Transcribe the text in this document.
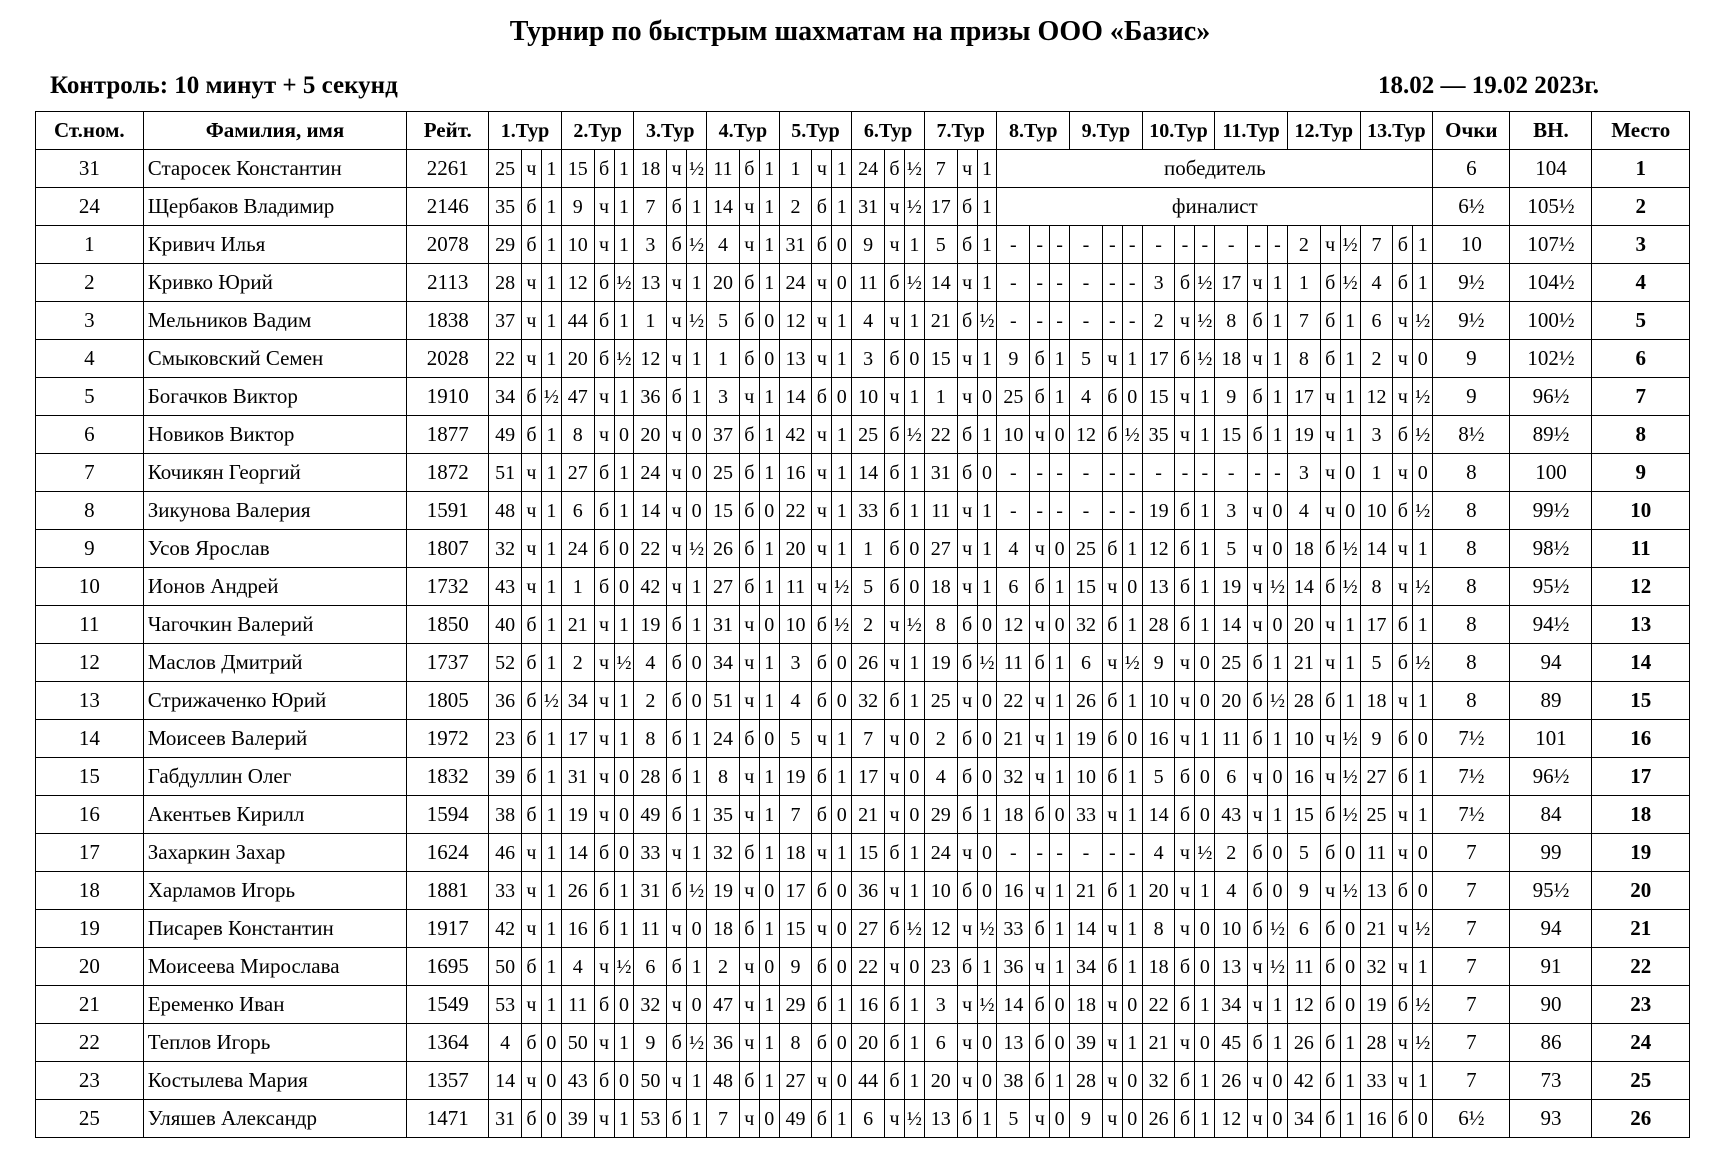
Турнир по быстрым шахматам на призы ООО «Базис»
Контроль: 10 минут + 5 секунд	18.02 — 19.02 2023г.
Ст.ном.	Фамилия, имя	Рейт.	1.Тур			2.Тур			3.Тур			4.Тур			5.Тур			6.Тур			7.Тур			8.Тур			9.Тур			10.Тур			11.Тур			12.Тур			13.Тур			Очки	ВН.	Место
31	Старосек Константин	2261	25	ч	1	15	б	1	18	ч	½	11	б	1	1	ч	1	24	б	½	7	ч	1	победитель																		6	104	1
24	Щербаков Владимир	2146	35	б	1	9	ч	1	7	б	1	14	ч	1	2	б	1	31	ч	½	17	б	1	финалист																		6½	105½	2
1	Кривич Илья	2078	29	б	1	10	ч	1	3	б	½	4	ч	1	31	б	0	9	ч	1	5	б	1	-	-	-	-	-	-	-	-	-	-	-	-	2	ч	½	7	б	1	10	107½	3
2	Кривко Юрий	2113	28	ч	1	12	б	½	13	ч	1	20	б	1	24	ч	0	11	б	½	14	ч	1	-	-	-	-	-	-	3	б	½	17	ч	1	1	б	½	4	б	1	9½	104½	4
3	Мельников Вадим	1838	37	ч	1	44	б	1	1	ч	½	5	б	0	12	ч	1	4	ч	1	21	б	½	-	-	-	-	-	-	2	ч	½	8	б	1	7	б	1	6	ч	½	9½	100½	5
4	Смыковский Семен	2028	22	ч	1	20	б	½	12	ч	1	1	б	0	13	ч	1	3	б	0	15	ч	1	9	б	1	5	ч	1	17	б	½	18	ч	1	8	б	1	2	ч	0	9	102½	6
5	Богачков Виктор	1910	34	б	½	47	ч	1	36	б	1	3	ч	1	14	б	0	10	ч	1	1	ч	0	25	б	1	4	б	0	15	ч	1	9	б	1	17	ч	1	12	ч	½	9	96½	7
6	Новиков Виктор	1877	49	б	1	8	ч	0	20	ч	0	37	б	1	42	ч	1	25	б	½	22	б	1	10	ч	0	12	б	½	35	ч	1	15	б	1	19	ч	1	3	б	½	8½	89½	8
7	Кочикян Георгий	1872	51	ч	1	27	б	1	24	ч	0	25	б	1	16	ч	1	14	б	1	31	б	0	-	-	-	-	-	-	-	-	-	-	-	-	3	ч	0	1	ч	0	8	100	9
8	Зикунова Валерия	1591	48	ч	1	6	б	1	14	ч	0	15	б	0	22	ч	1	33	б	1	11	ч	1	-	-	-	-	-	-	19	б	1	3	ч	0	4	ч	0	10	б	½	8	99½	10
9	Усов Ярослав	1807	32	ч	1	24	б	0	22	ч	½	26	б	1	20	ч	1	1	б	0	27	ч	1	4	ч	0	25	б	1	12	б	1	5	ч	0	18	б	½	14	ч	1	8	98½	11
10	Ионов Андрей	1732	43	ч	1	1	б	0	42	ч	1	27	б	1	11	ч	½	5	б	0	18	ч	1	6	б	1	15	ч	0	13	б	1	19	ч	½	14	б	½	8	ч	½	8	95½	12
11	Чагочкин Валерий	1850	40	б	1	21	ч	1	19	б	1	31	ч	0	10	б	½	2	ч	½	8	б	0	12	ч	0	32	б	1	28	б	1	14	ч	0	20	ч	1	17	б	1	8	94½	13
12	Маслов Дмитрий	1737	52	б	1	2	ч	½	4	б	0	34	ч	1	3	б	0	26	ч	1	19	б	½	11	б	1	6	ч	½	9	ч	0	25	б	1	21	ч	1	5	б	½	8	94	14
13	Стрижаченко Юрий	1805	36	б	½	34	ч	1	2	б	0	51	ч	1	4	б	0	32	б	1	25	ч	0	22	ч	1	26	б	1	10	ч	0	20	б	½	28	б	1	18	ч	1	8	89	15
14	Моисеев Валерий	1972	23	б	1	17	ч	1	8	б	1	24	б	0	5	ч	1	7	ч	0	2	б	0	21	ч	1	19	б	0	16	ч	1	11	б	1	10	ч	½	9	б	0	7½	101	16
15	Габдуллин Олег	1832	39	б	1	31	ч	0	28	б	1	8	ч	1	19	б	1	17	ч	0	4	б	0	32	ч	1	10	б	1	5	б	0	6	ч	0	16	ч	½	27	б	1	7½	96½	17
16	Акентьев Кирилл	1594	38	б	1	19	ч	0	49	б	1	35	ч	1	7	б	0	21	ч	0	29	б	1	18	б	0	33	ч	1	14	б	0	43	ч	1	15	б	½	25	ч	1	7½	84	18
17	Захаркин Захар	1624	46	ч	1	14	б	0	33	ч	1	32	б	1	18	ч	1	15	б	1	24	ч	0	-	-	-	-	-	-	4	ч	½	2	б	0	5	б	0	11	ч	0	7	99	19
18	Харламов Игорь	1881	33	ч	1	26	б	1	31	б	½	19	ч	0	17	б	0	36	ч	1	10	б	0	16	ч	1	21	б	1	20	ч	1	4	б	0	9	ч	½	13	б	0	7	95½	20
19	Писарев Константин	1917	42	ч	1	16	б	1	11	ч	0	18	б	1	15	ч	0	27	б	½	12	ч	½	33	б	1	14	ч	1	8	ч	0	10	б	½	6	б	0	21	ч	½	7	94	21
20	Моисеева Мирослава	1695	50	б	1	4	ч	½	6	б	1	2	ч	0	9	б	0	22	ч	0	23	б	1	36	ч	1	34	б	1	18	б	0	13	ч	½	11	б	0	32	ч	1	7	91	22
21	Еременко Иван	1549	53	ч	1	11	б	0	32	ч	0	47	ч	1	29	б	1	16	б	1	3	ч	½	14	б	0	18	ч	0	22	б	1	34	ч	1	12	б	0	19	б	½	7	90	23
22	Теплов Игорь	1364	4	б	0	50	ч	1	9	б	½	36	ч	1	8	б	0	20	б	1	6	ч	0	13	б	0	39	ч	1	21	ч	0	45	б	1	26	б	1	28	ч	½	7	86	24
23	Костылева Мария	1357	14	ч	0	43	б	0	50	ч	1	48	б	1	27	ч	0	44	б	1	20	ч	0	38	б	1	28	ч	0	32	б	1	26	ч	0	42	б	1	33	ч	1	7	73	25
25	Уляшев Александр	1471	31	б	0	39	ч	1	53	б	1	7	ч	0	49	б	1	6	ч	½	13	б	1	5	ч	0	9	ч	0	26	б	1	12	ч	0	34	б	1	16	б	0	6½	93	26
